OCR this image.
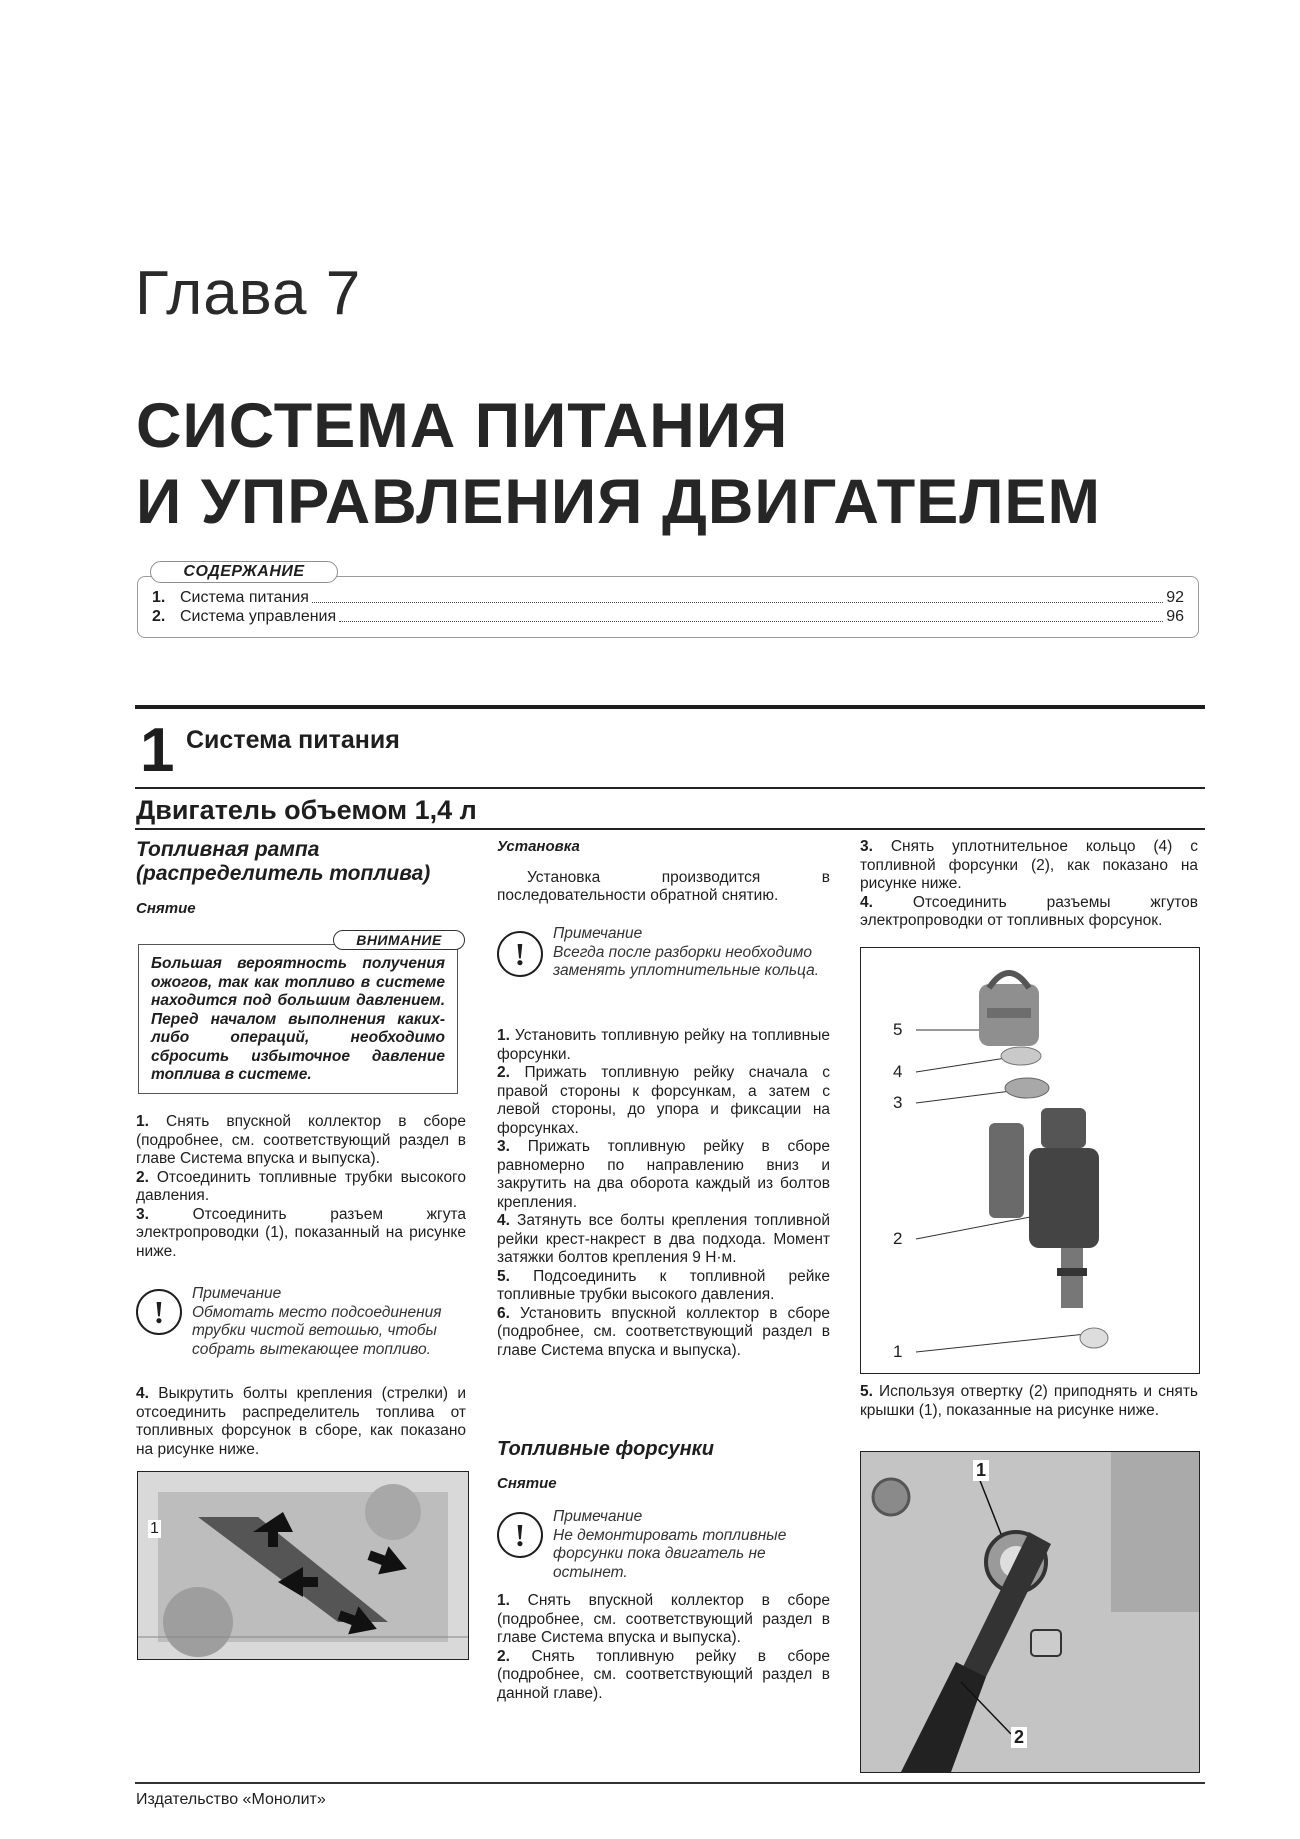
Глава 7
СИСТЕМА ПИТАНИЯ
И УПРАВЛЕНИЯ ДВИГАТЕЛЕМ
СОДЕРЖАНИЕ
1. Система питания	92
2. Система управления	96
1 Система питания
Двигатель объемом 1,4 л

Топливная рампа

(распределитель топлива)

Снятие

Большая вероятность получения ожогов, так как топливо в системе находится под большим давлением. Перед началом выполнения каких-либо операций, необходимо сбросить избыточное давление топлива в системе.
ВНИМАНИЕ

1. Снять впускной коллектор в сборе (подробнее, см. соответствующий раздел в главе Система впуска и выпуска).

2. Отсоединить топливные трубки высокого давления.

3.	Отсоединить разъем жгута электропроводки (1), показанный на рисунке ниже.

!
Примечание
Обмотать место подсоединения трубки чистой ветошью, чтобы собрать вытекающее топливо.

4. Выкрутить болты крепления (стрелки) и отсоединить распределитель топлива от топливных форсунок в сборе, как показано на рисунке ниже.

1

Установка

Установка производится в последовательности обратной снятию.

!
Примечание
Всегда после разборки необходимо заменять уплотнительные кольца.

1. Установить топливную рейку на топливные форсунки.

2. Прижать топливную рейку сначала с правой стороны к форсункам, а затем с левой стороны, до упора и фиксации на форсунках.

3. Прижать топливную рейку в сборе равномерно по направлению вниз и закрутить на два оборота каждый из болтов крепления.

4. Затянуть все болты крепления топливной рейки крест-накрест в два подхода. Момент затяжки болтов крепления 9 Н·м.

5. Подсоединить к топливной рейке топливные трубки высокого давления.

6. Установить впускной коллектор в сборе (подробнее, см. соответствующий раздел в главе Система впуска и выпуска).

Топливные форсунки

Снятие

!
Примечание
Не демонтировать топливные форсунки пока двигатель не остынет.

1. Снять впускной коллектор в сборе (подробнее, см. соответствующий раздел в главе Система впуска и выпуска).

2. Снять топливную рейку в сборе (подробнее, см. соответствующий раздел в данной главе).

3. Снять уплотнительное кольцо (4) с топливной форсунки (2), как показано на рисунке ниже.

4.	Отсоединить разъемы жгутов электропроводки от топливных форсунок.

5
4
3
2
1

5. Используя отвертку (2) приподнять и снять крышки (1), показанные на рисунке ниже.

1
2
Издательство «Монолит»
